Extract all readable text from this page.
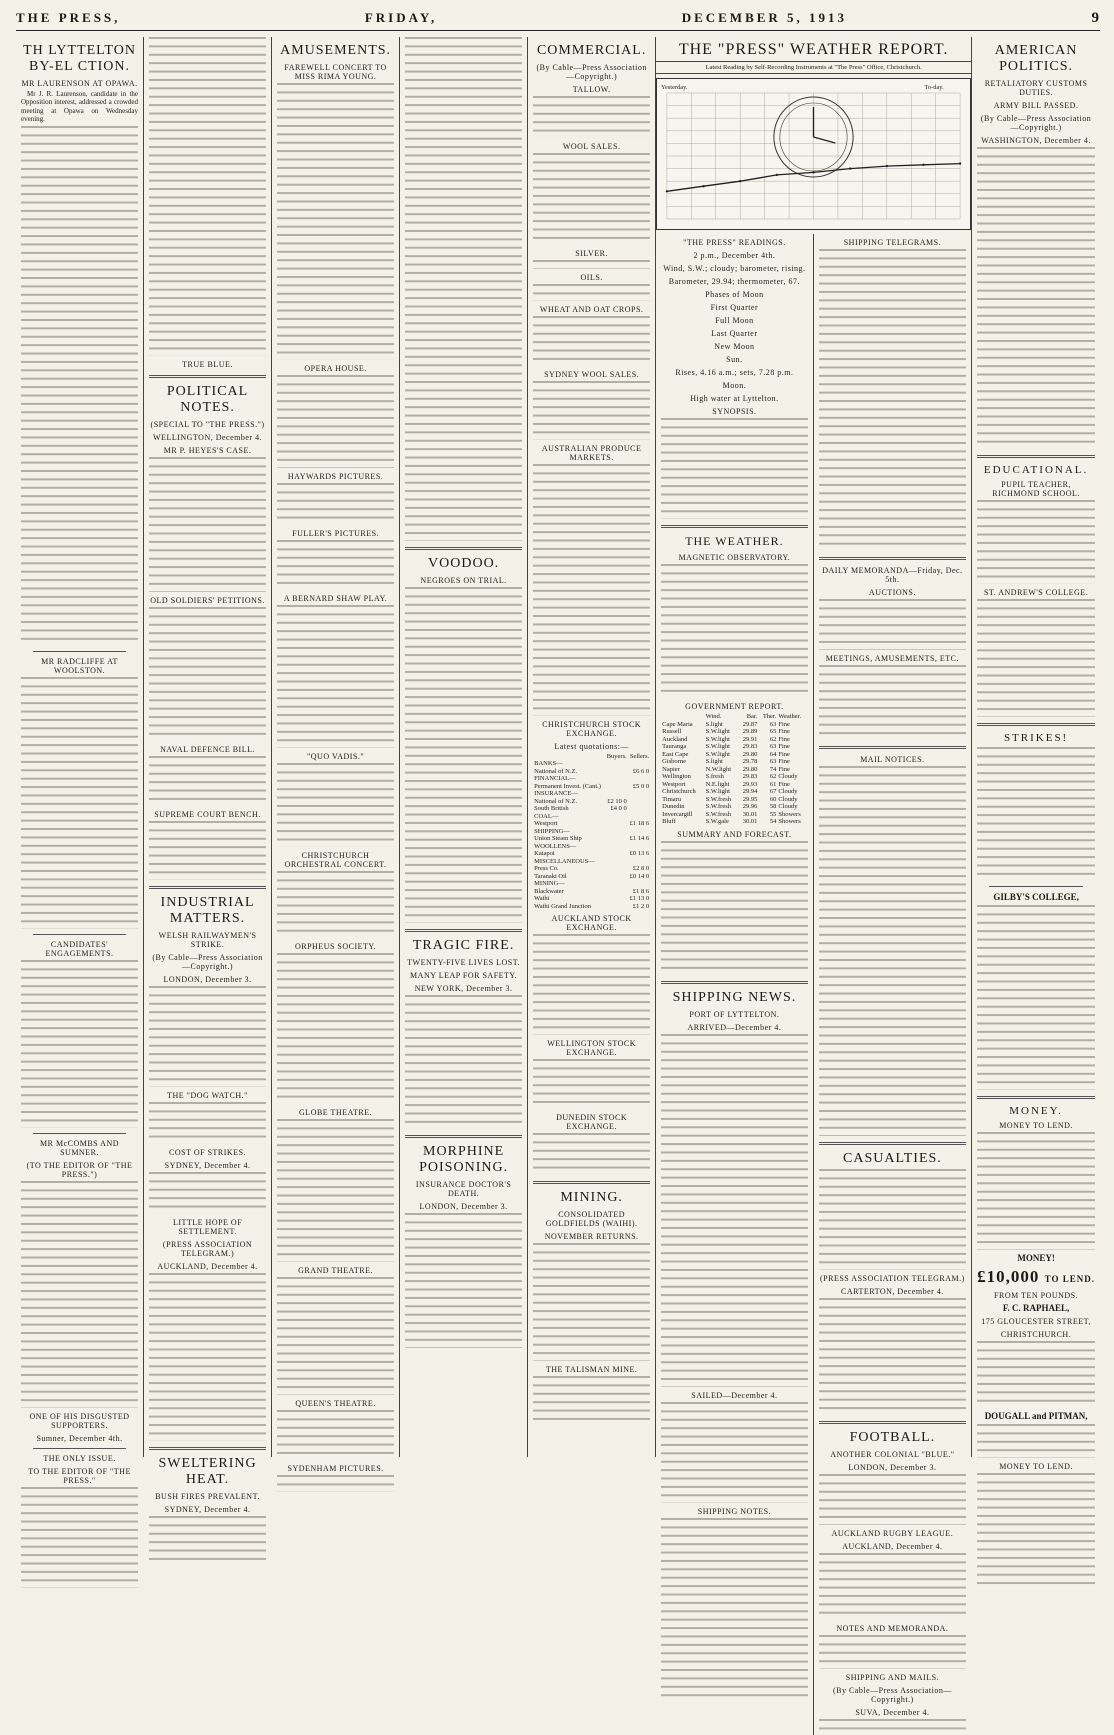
THE PRESS,	FRIDAY,	DECEMBER 5, 1913	9
TH LYTTELTON BY-EL CTION.
MR LAURENSON AT OPAWA.

Mr J. R. Laurenson, candidate in the Opposition interest, addressed a crowded meeting at Opawa on Wednesday evening.

MR RADCLIFFE AT WOOLSTON.
CANDIDATES' ENGAGEMENTS.
MR McCOMBS AND SUMNER.
(TO THE EDITOR OF "THE PRESS.")
ONE OF HIS DISGUSTED SUPPORTERS.
Sumner, December 4th.
THE ONLY ISSUE.
TO THE EDITOR OF "THE PRESS."
TRUE BLUE.
POLITICAL NOTES.
(SPECIAL TO "THE PRESS.")
WELLINGTON, December 4.
MR P. HEYES'S CASE.
OLD SOLDIERS' PETITIONS.
NAVAL DEFENCE BILL.
SUPREME COURT BENCH.
INDUSTRIAL MATTERS.
WELSH RAILWAYMEN'S STRIKE.
(By Cable—Press Association—Copyright.)
LONDON, December 3.
THE "DOG WATCH."
COST OF STRIKES.
SYDNEY, December 4.
LITTLE HOPE OF SETTLEMENT.
(PRESS ASSOCIATION TELEGRAM.)
AUCKLAND, December 4.
SWELTERING HEAT.
BUSH FIRES PREVALENT.
SYDNEY, December 4.
AMUSEMENTS.
FAREWELL CONCERT TO MISS RIMA YOUNG.
OPERA HOUSE.
HAYWARDS PICTURES.
FULLER'S PICTURES.
A BERNARD SHAW PLAY.
"QUO VADIS."
CHRISTCHURCH ORCHESTRAL CONCERT.
ORPHEUS SOCIETY.
GLOBE THEATRE.
GRAND THEATRE.
QUEEN'S THEATRE.
SYDENHAM PICTURES.
VOODOO.
NEGROES ON TRIAL.
TRAGIC FIRE.
TWENTY-FIVE LIVES LOST.
MANY LEAP FOR SAFETY.
NEW YORK, December 3.
MORPHINE POISONING.
INSURANCE DOCTOR'S DEATH.
LONDON, December 3.
COMMERCIAL.
(By Cable—Press Association—Copyright.)
TALLOW.
WOOL SALES.
SILVER.
OILS.
WHEAT AND OAT CROPS.
SYDNEY WOOL SALES.
AUSTRALIAN PRODUCE MARKETS.
CHRISTCHURCH STOCK EXCHANGE.
Latest quotations:—
	Buyers.	Sellers.
BANKS—		
National of N.Z.		£6 6 0
FINANCIAL—		
Permanent Invest. (Cant.)		£5 0 0
INSURANCE—		
National of N.Z.	£2 10 0	
South British	£4 0 0	
COAL—		
Westport		£1 18 6
SHIPPING—		
Union Steam Ship		£1 14 6
WOOLLENS—		
Kaiapoi		£0 13 6
MISCELLANEOUS—		
Press Co.		£2 8 0
Taranaki Oil		£0 14 0
MINING—		
Blackwater		£1 8 6
Waihi		£1 13 0
Waihi Grand Junction		£1 2 0
AUCKLAND STOCK EXCHANGE.
WELLINGTON STOCK EXCHANGE.
DUNEDIN STOCK EXCHANGE.
MINING.
CONSOLIDATED GOLDFIELDS (WAIHI).
NOVEMBER RETURNS.
THE TALISMAN MINE.
THE "PRESS" WEATHER REPORT.
Latest Reading by Self-Recording Instruments at "The Press" Office, Christchurch.
Yesterday.	To-day.
"THE PRESS" READINGS.
2 p.m., December 4th.
Wind, S.W.; cloudy; barometer, rising.
Barometer, 29.94; thermometer, 67.
Phases of Moon
First Quarter
Full Moon
Last Quarter
New Moon
Sun.
Rises, 4.16 a.m.; sets, 7.28 p.m.
Moon.
High water at Lyttelton.
SYNOPSIS.
THE WEATHER.
MAGNETIC OBSERVATORY.
GOVERNMENT REPORT.
	Wind.	Bar.	Ther.	Weather.
Cape Maria	S.light	29.87	63	Fine
Russell	S.W.light	29.89	65	Fine
Auckland	S.W.light	29.91	62	Fine
Tauranga	S.W.light	29.83	63	Fine
East Cape	S.W.light	29.80	64	Fine
Gisborne	S.light	29.78	63	Fine
Napier	N.W.light	29.80	74	Fine
Wellington	S.fresh	29.83	62	Cloudy
Westport	N.E.light	29.93	61	Fine
Christchurch	S.W.light	29.94	67	Cloudy
Timaru	S.W.fresh	29.95	60	Cloudy
Dunedin	S.W.fresh	29.96	58	Cloudy
Invercargill	S.W.fresh	30.01	55	Showers
Bluff	S.W.gale	30.01	54	Showers
SUMMARY AND FORECAST.
SHIPPING NEWS.
PORT OF LYTTELTON.
ARRIVED—December 4.
SAILED—December 4.
SHIPPING NOTES.
SHIPPING TELEGRAMS.
DAILY MEMORANDA—Friday, Dec. 5th.
AUCTIONS.
MEETINGS, AMUSEMENTS, ETC.
MAIL NOTICES.
CASUALTIES.
(PRESS ASSOCIATION TELEGRAM.)
CARTERTON, December 4.
FOOTBALL.
ANOTHER COLONIAL "BLUE."
LONDON, December 3.
AUCKLAND RUGBY LEAGUE.
AUCKLAND, December 4.
NOTES AND MEMORANDA.
SHIPPING AND MAILS.
(By Cable—Press Association—Copyright.)
SUVA, December 4.
AMERICAN POLITICS.
RETALIATORY CUSTOMS DUTIES.
ARMY BILL PASSED.
(By Cable—Press Association—Copyright.)
WASHINGTON, December 4.
EDUCATIONAL.
PUPIL TEACHER, RICHMOND SCHOOL.
ST. ANDREW'S COLLEGE.
STRIKES!
GILBY'S COLLEGE,
MONEY.
MONEY TO LEND.
MONEY!
£10,000 TO LEND.
FROM TEN POUNDS.
F. C. RAPHAEL,
175 GLOUCESTER STREET,
CHRISTCHURCH.
DOUGALL and PITMAN,
MONEY TO LEND.
